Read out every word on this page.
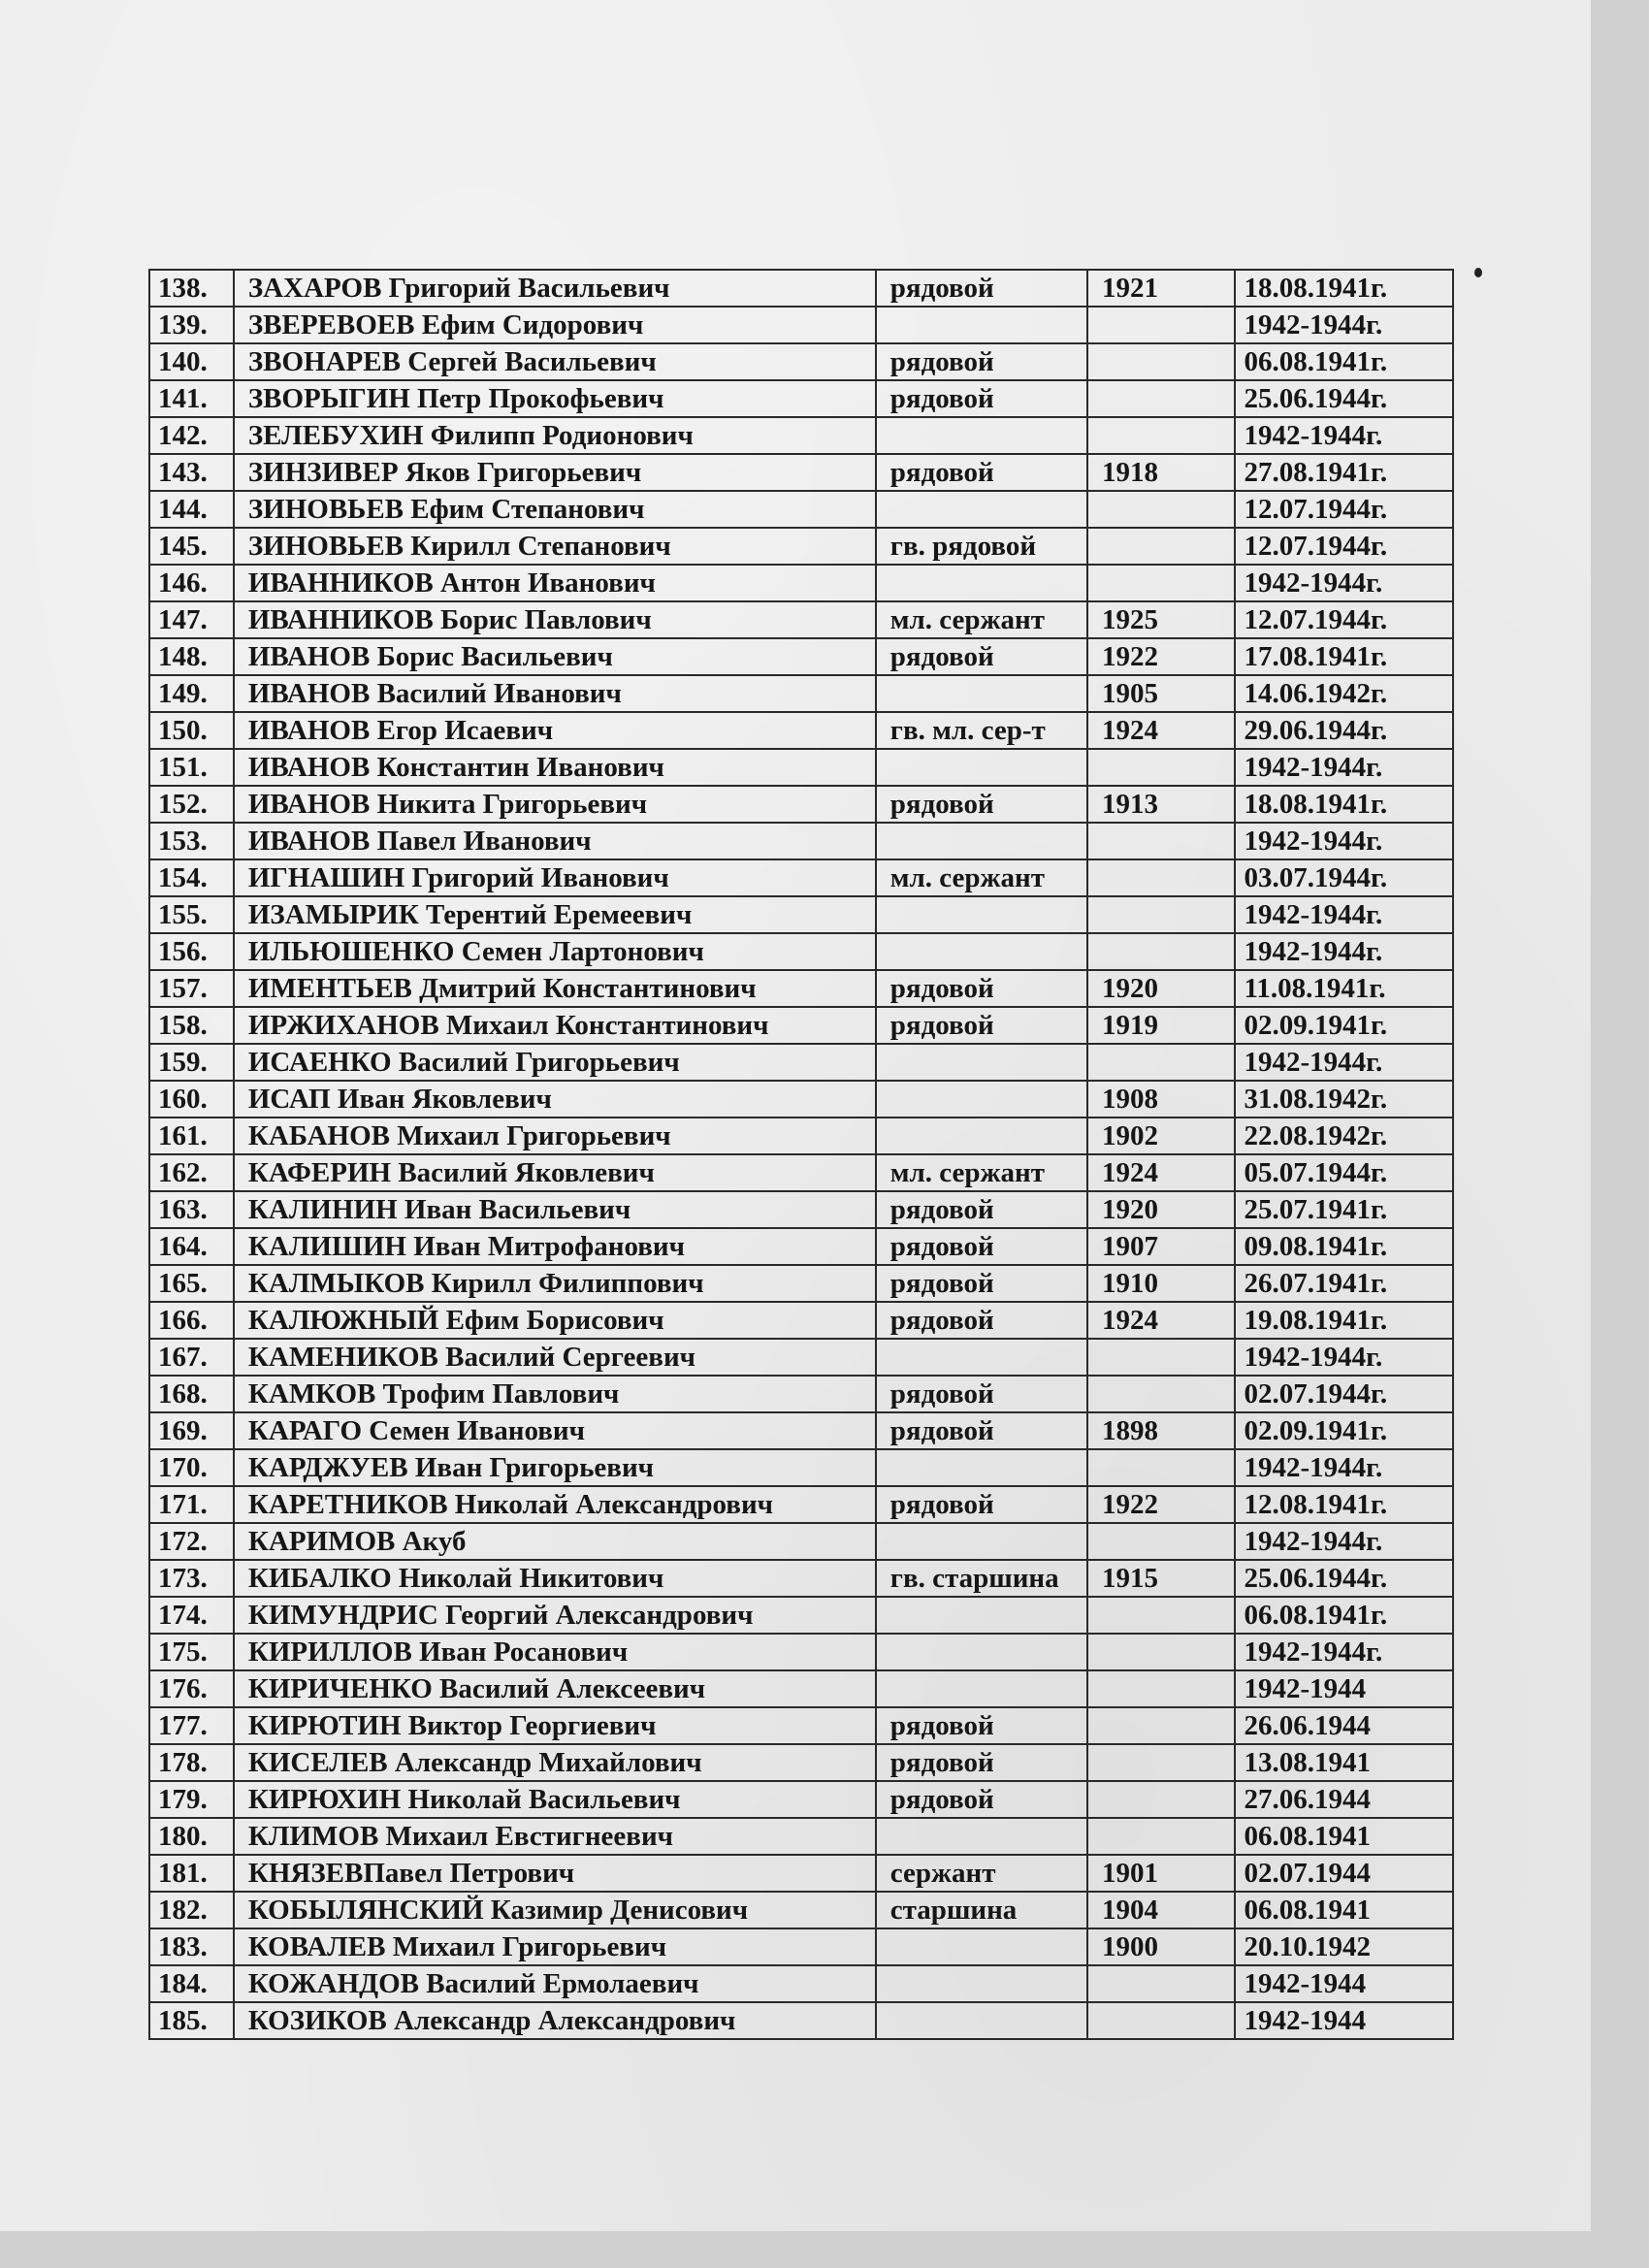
138.	ЗАХАРОВ Григорий Васильевич	рядовой	1921	18.08.1941г.
139.	ЗВЕРЕВОЕВ Ефим Сидорович			1942-1944г.
140.	ЗВОНАРЕВ Сергей Васильевич	рядовой		06.08.1941г.
141.	ЗВОРЫГИН Петр Прокофьевич	рядовой		25.06.1944г.
142.	ЗЕЛЕБУХИН Филипп Родионович			1942-1944г.
143.	ЗИНЗИВЕР Яков Григорьевич	рядовой	1918	27.08.1941г.
144.	ЗИНОВЬЕВ Ефим Степанович			12.07.1944г.
145.	ЗИНОВЬЕВ Кирилл Степанович	гв. рядовой		12.07.1944г.
146.	ИВАННИКОВ Антон Иванович			1942-1944г.
147.	ИВАННИКОВ Борис Павлович	мл. сержант	1925	12.07.1944г.
148.	ИВАНОВ Борис Васильевич	рядовой	1922	17.08.1941г.
149.	ИВАНОВ Василий Иванович		1905	14.06.1942г.
150.	ИВАНОВ Егор Исаевич	гв. мл. сер-т	1924	29.06.1944г.
151.	ИВАНОВ Константин Иванович			1942-1944г.
152.	ИВАНОВ Никита Григорьевич	рядовой	1913	18.08.1941г.
153.	ИВАНОВ Павел Иванович			1942-1944г.
154.	ИГНАШИН Григорий Иванович	мл. сержант		03.07.1944г.
155.	ИЗАМЫРИК Терентий Еремеевич			1942-1944г.
156.	ИЛЬЮШЕНКО Семен Лартонович			1942-1944г.
157.	ИМЕНТЬЕВ Дмитрий Константинович	рядовой	1920	11.08.1941г.
158.	ИРЖИХАНОВ Михаил Константинович	рядовой	1919	02.09.1941г.
159.	ИСАЕНКО Василий Григорьевич			1942-1944г.
160.	ИСАП Иван Яковлевич		1908	31.08.1942г.
161.	КАБАНОВ Михаил Григорьевич		1902	22.08.1942г.
162.	КАФЕРИН Василий Яковлевич	мл. сержант	1924	05.07.1944г.
163.	КАЛИНИН Иван Васильевич	рядовой	1920	25.07.1941г.
164.	КАЛИШИН Иван Митрофанович	рядовой	1907	09.08.1941г.
165.	КАЛМЫКОВ Кирилл Филиппович	рядовой	1910	26.07.1941г.
166.	КАЛЮЖНЫЙ Ефим Борисович	рядовой	1924	19.08.1941г.
167.	КАМЕНИКОВ Василий Сергеевич			1942-1944г.
168.	КАМКОВ Трофим Павлович	рядовой		02.07.1944г.
169.	КАРАГО Семен Иванович	рядовой	1898	02.09.1941г.
170.	КАРДЖУЕВ Иван Григорьевич			1942-1944г.
171.	КАРЕТНИКОВ Николай Александрович	рядовой	1922	12.08.1941г.
172.	КАРИМОВ Акуб			1942-1944г.
173.	КИБАЛКО Николай Никитович	гв. старшина	1915	25.06.1944г.
174.	КИМУНДРИС Георгий Александрович			06.08.1941г.
175.	КИРИЛЛОВ Иван Росанович			1942-1944г.
176.	КИРИЧЕНКО Василий Алексеевич			1942-1944
177.	КИРЮТИН Виктор Георгиевич	рядовой		26.06.1944
178.	КИСЕЛЕВ Александр Михайлович	рядовой		13.08.1941
179.	КИРЮХИН Николай Васильевич	рядовой		27.06.1944
180.	КЛИМОВ Михаил Евстигнеевич			06.08.1941
181.	КНЯЗЕВПавел Петрович	сержант	1901	02.07.1944
182.	КОБЫЛЯНСКИЙ Казимир Денисович	старшина	1904	06.08.1941
183.	КОВАЛЕВ Михаил Григорьевич		1900	20.10.1942
184.	КОЖАНДОВ Василий Ермолаевич			1942-1944
185.	КОЗИКОВ Александр Александрович			1942-1944
